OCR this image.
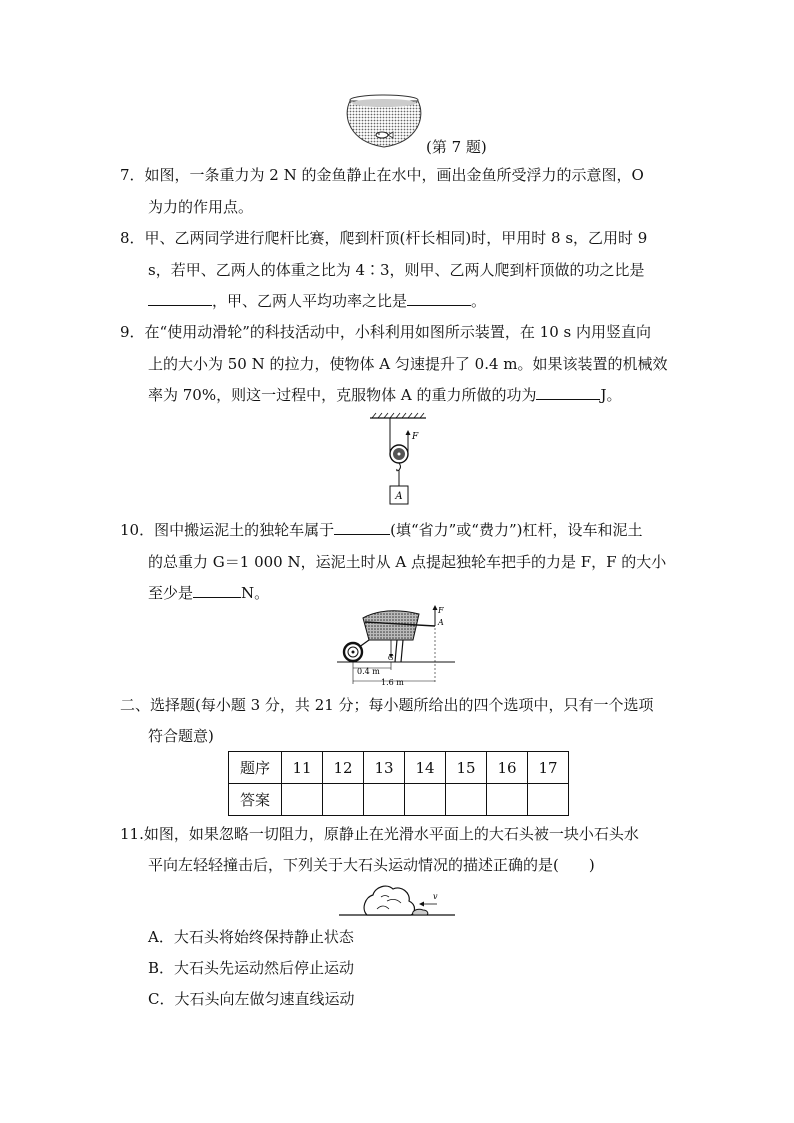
(第 7 题)
7．如图，一条重力为 2 N 的金鱼静止在水中，画出金鱼所受浮力的示意图，O
为力的作用点。
8．甲、乙两同学进行爬杆比赛，爬到杆顶(杆长相同)时，甲用时 8 s，乙用时 9
s，若甲、乙两人的体重之比为 4∶3，则甲、乙两人爬到杆顶做的功之比是
，甲、乙两人平均功率之比是	。
9．在“使用动滑轮”的科技活动中，小科利用如图所示装置，在 10 s 内用竖直向
上的大小为 50 N 的拉力，使物体 A 匀速提升了 0.4 m。如果该装置的机械效
率为 70%，则这一过程中，克服物体 A 的重力所做的功为	J。
F
A
10．图中搬运泥土的独轮车属于	(填“省力”或“费力”)杠杆，设车和泥土
的总重力 G＝1 000 N，运泥土时从 A 点提起独轮车把手的力是 F，F 的大小
至少是	N。
G
F
A
0.4 m
1.6 m
二、选择题(每小题 3 分，共 21 分；每小题所给出的四个选项中，只有一个选项
符合题意)
题序	11	12	13	14	15	16	17
答案							
11.如图，如果忽略一切阻力，原静止在光滑水平面上的大石头被一块小石头水
平向左轻轻撞击后，下列关于大石头运动情况的描述正确的是(　　)
v
A．大石头将始终保持静止状态
B．大石头先运动然后停止运动
C．大石头向左做匀速直线运动
